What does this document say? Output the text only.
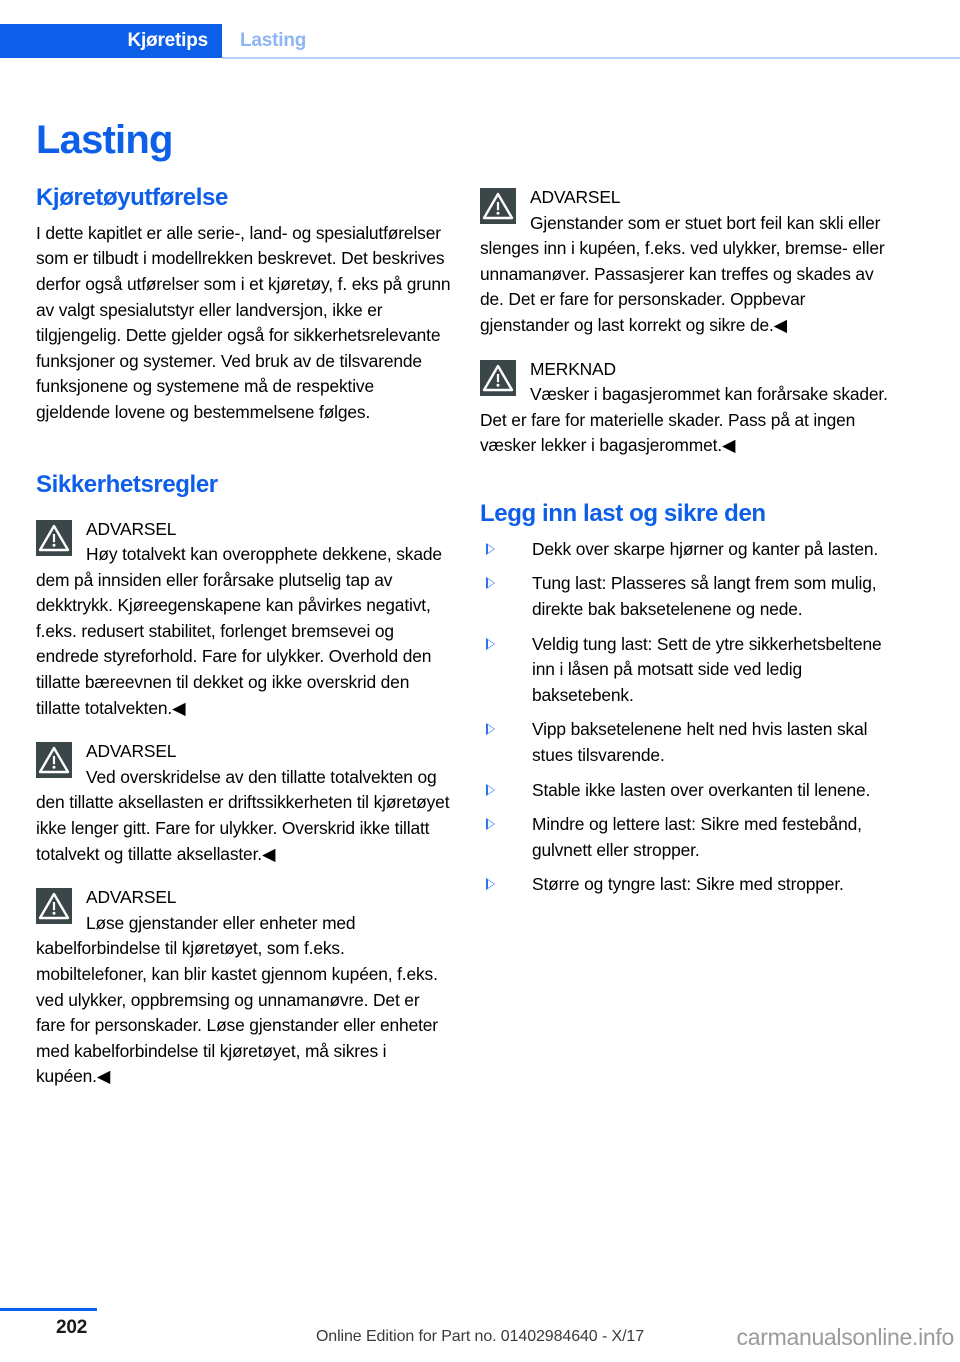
Kjøretips Lasting
Lasting
Kjøretøyutførelse

I dette kapitlet er alle serie-, land- og spesialutførelser som er tilbudt i modellrekken beskrevet. Det beskrives derfor også utførelser som i et kjøretøy, f. eks på grunn av valgt spesialutstyr eller landversjon, ikke er tilgjengelig. Dette gjelder også for sikkerhetsrelevante funksjoner og systemer. Ved bruk av de tilsvarende funksjonene og systemene må de respektive gjeldende lovene og bestemmelsene følges.

Sikkerhetsregler
ADVARSEL

Høy totalvekt kan overopphete dekkene, skade dem på innsiden eller forårsake plutselig tap av dekktrykk. Kjøreegenskapene kan påvirkes negativt, f.eks. redusert stabilitet, forlenget bremsevei og endrede styreforhold. Fare for ulykker. Overhold den tillatte bæreevnen til dekket og ikke overskrid den tillatte totalvekten.◀

ADVARSEL

Ved overskridelse av den tillatte totalvekten og den tillatte aksellasten er driftssikkerheten til kjøretøyet ikke lenger gitt. Fare for ulykker. Overskrid ikke tillatt totalvekt og tillatte aksellaster.◀

ADVARSEL

Løse gjenstander eller enheter med kabelforbindelse til kjøretøyet, som f.eks. mobiltelefoner, kan blir kastet gjennom kupéen, f.eks. ved ulykker, oppbremsing og unnamanøvre. Det er fare for personskader. Løse gjenstander eller enheter med kabelforbindelse til kjøretøyet, må sikres i kupéen.◀

ADVARSEL

Gjenstander som er stuet bort feil kan skli eller slenges inn i kupéen, f.eks. ved ulykker, bremse- eller unnamanøver. Passasjerer kan treffes og skades av de. Det er fare for personskader. Oppbevar gjenstander og last korrekt og sikre de.◀

MERKNAD

Væsker i bagasjerommet kan forårsake skader. Det er fare for materielle skader. Pass på at ingen væsker lekker i bagasjerommet.◀

Legg inn last og sikre den
Dekk over skarpe hjørner og kanter på lasten.
Tung last: Plasseres så langt frem som mulig, direkte bak baksetelenene og nede.
Veldig tung last: Sett de ytre sikkerhetsbeltene inn i låsen på motsatt side ved ledig baksetebenk.
Vipp baksetelenene helt ned hvis lasten skal stues tilsvarende.
Stable ikke lasten over overkanten til lenene.
Mindre og lettere last: Sikre med festebånd, gulvnett eller stropper.
Større og tyngre last: Sikre med stropper.
202	Online Edition for Part no. 01402984640 - X/17	carmanualsonline.info
